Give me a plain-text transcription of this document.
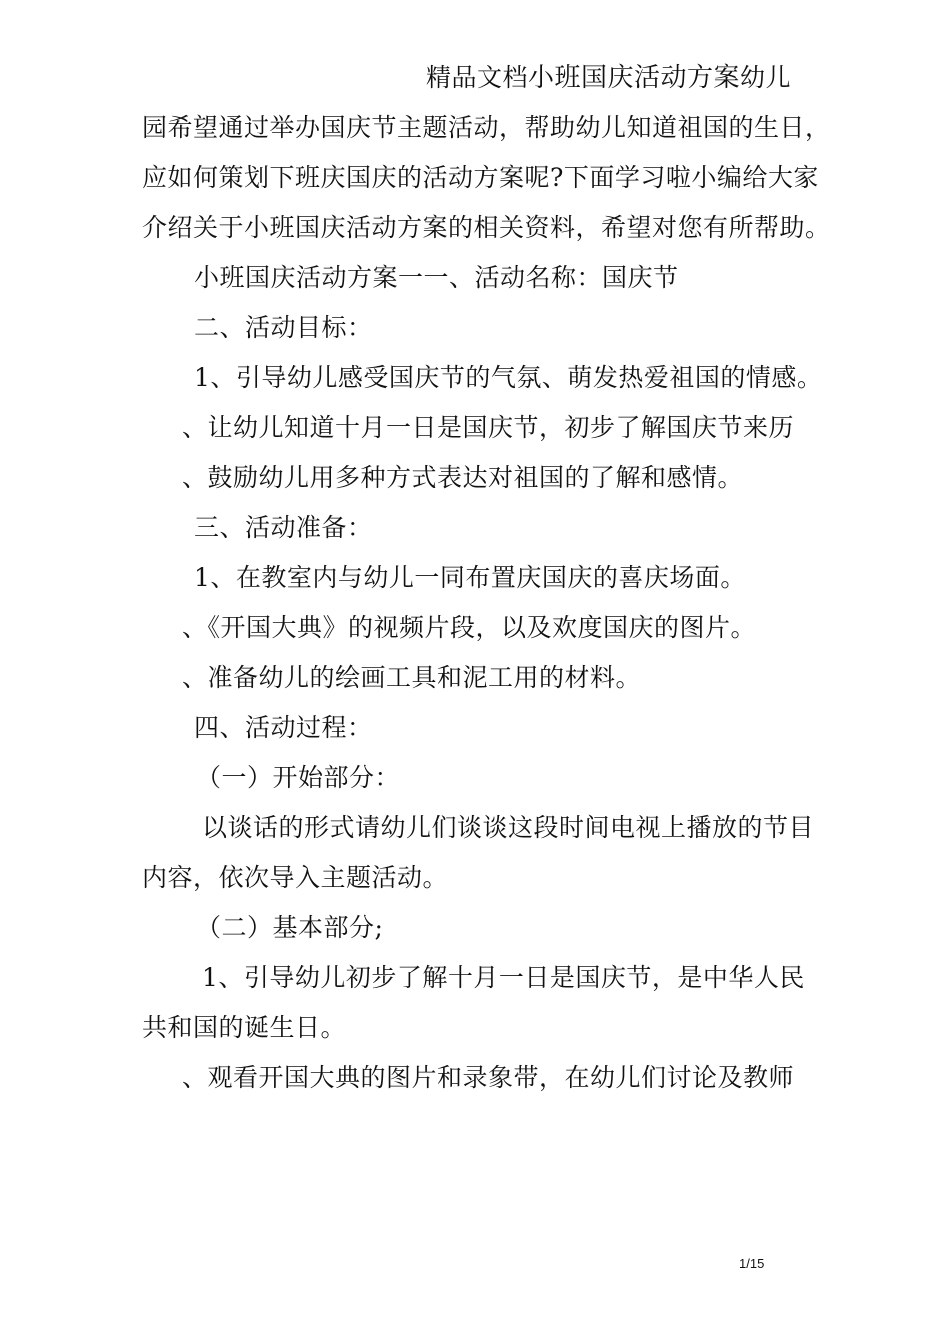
精品文档小班国庆活动方案幼儿
园希望通过举办国庆节主题活动，帮助幼儿知道祖国的生日，
应如何策划下班庆国庆的活动方案呢?下面学习啦小编给大家
介绍关于小班国庆活动方案的相关资料，希望对您有所帮助。
小班国庆活动方案一一、活动名称：国庆节
二、活动目标：
1、引导幼儿感受国庆节的气氛、萌发热爱祖国的情感。
、让幼儿知道十月一日是国庆节，初步了解国庆节来历
、鼓励幼儿用多种方式表达对祖国的了解和感情。
三、活动准备：
1、在教室内与幼儿一同布置庆国庆的喜庆场面。
、《开国大典》的视频片段，以及欢度国庆的图片。
、准备幼儿的绘画工具和泥工用的材料。
四、活动过程：
（一）开始部分：
以谈话的形式请幼儿们谈谈这段时间电视上播放的节目
内容，依次导入主题活动。
（二）基本部分;
1、引导幼儿初步了解十月一日是国庆节，是中华人民
共和国的诞生日。
、观看开国大典的图片和录象带，在幼儿们讨论及教师
1/15
